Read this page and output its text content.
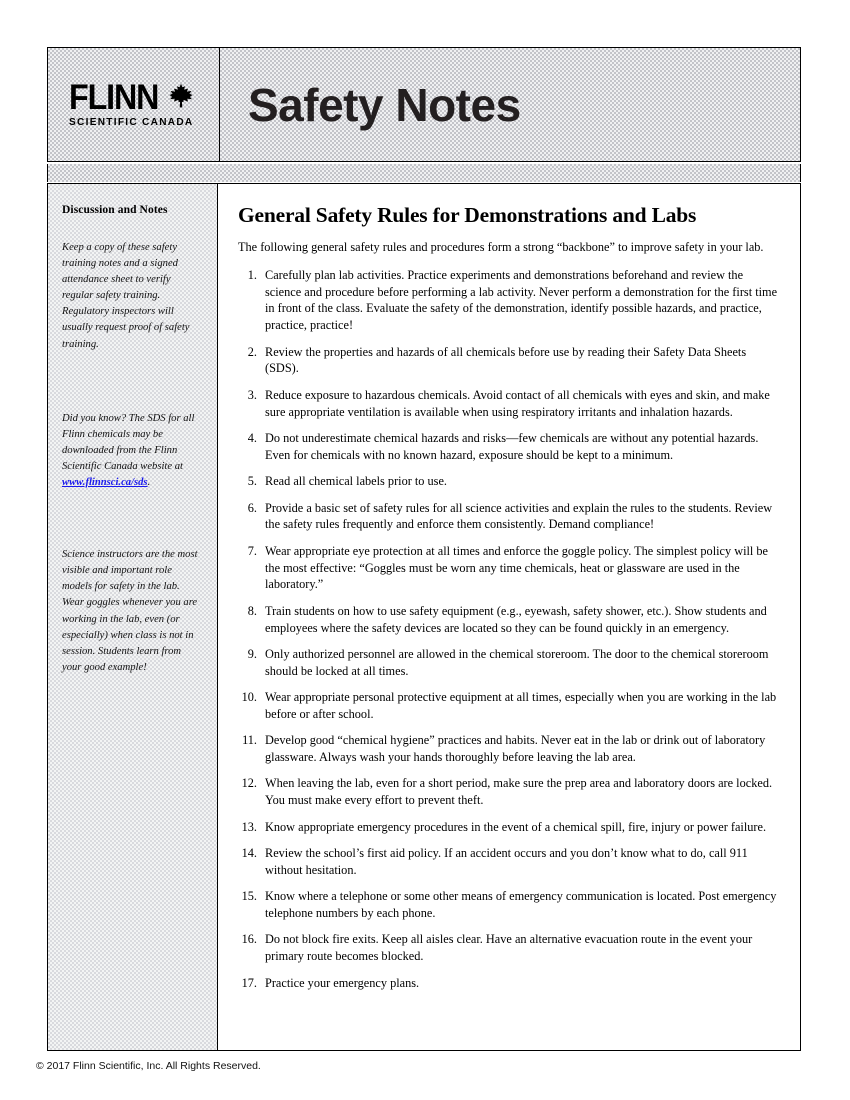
FLINN
SCIENTIFIC CANADA Safety Notes
Discussion and Notes

Keep a copy of these safety training notes and a signed attendance sheet to verify regular safety training. Regulatory inspectors will usually request proof of safety training.

Did you know? The SDS for all Flinn chemicals may be downloaded from the Flinn Scientific Canada website at www.flinnsci.ca/sds.

Science instructors are the most visible and important role models for safety in the lab. Wear goggles whenever you are working in the lab, even (or especially) when class is not in session. Students learn from your good example!

General Safety Rules for Demonstrations and Labs

The following general safety rules and procedures form a strong “backbone” to improve safety in your lab.

1. Carefully plan lab activities. Practice experiments and demonstrations beforehand and review the science and procedure before performing a lab activity. Never perform a demonstration for the first time in front of the class. Evaluate the safety of the demonstration, identify possible hazards, and practice, practice, practice!
2. Review the properties and hazards of all chemicals before use by reading their Safety Data Sheets (SDS).
3. Reduce exposure to hazardous chemicals. Avoid contact of all chemicals with eyes and skin, and make sure appropriate ventilation is available when using respiratory irritants and inhalation hazards.
4. Do not underestimate chemical hazards and risks—few chemicals are without any potential hazards. Even for chemicals with no known hazard, exposure should be kept to a minimum.
5. Read all chemical labels prior to use.
6. Provide a basic set of safety rules for all science activities and explain the rules to the students. Review the safety rules frequently and enforce them consistently. Demand compliance!
7. Wear appropriate eye protection at all times and enforce the goggle policy. The simplest policy will be the most effective: “Goggles must be worn any time chemicals, heat or glassware are used in the laboratory.”
8. Train students on how to use safety equipment (e.g., eyewash, safety shower, etc.). Show students and employees where the safety devices are located so they can be found quickly in an emergency.
9. Only authorized personnel are allowed in the chemical storeroom. The door to the chemical storeroom should be locked at all times.
10. Wear appropriate personal protective equipment at all times, especially when you are working in the lab before or after school.
11. Develop good “chemical hygiene” practices and habits. Never eat in the lab or drink out of laboratory glassware. Always wash your hands thoroughly before leaving the lab area.
12. When leaving the lab, even for a short period, make sure the prep area and laboratory doors are locked. You must make every effort to prevent theft.
13. Know appropriate emergency procedures in the event of a chemical spill, fire, injury or power failure.
14. Review the school’s first aid policy. If an accident occurs and you don’t know what to do, call 911 without hesitation.
15. Know where a telephone or some other means of emergency communication is located. Post emergency telephone numbers by each phone.
16. Do not block fire exits. Keep all aisles clear. Have an alternative evacuation route in the event your primary route becomes blocked.
17. Practice your emergency plans.
© 2017 Flinn Scientific, Inc. All Rights Reserved.
